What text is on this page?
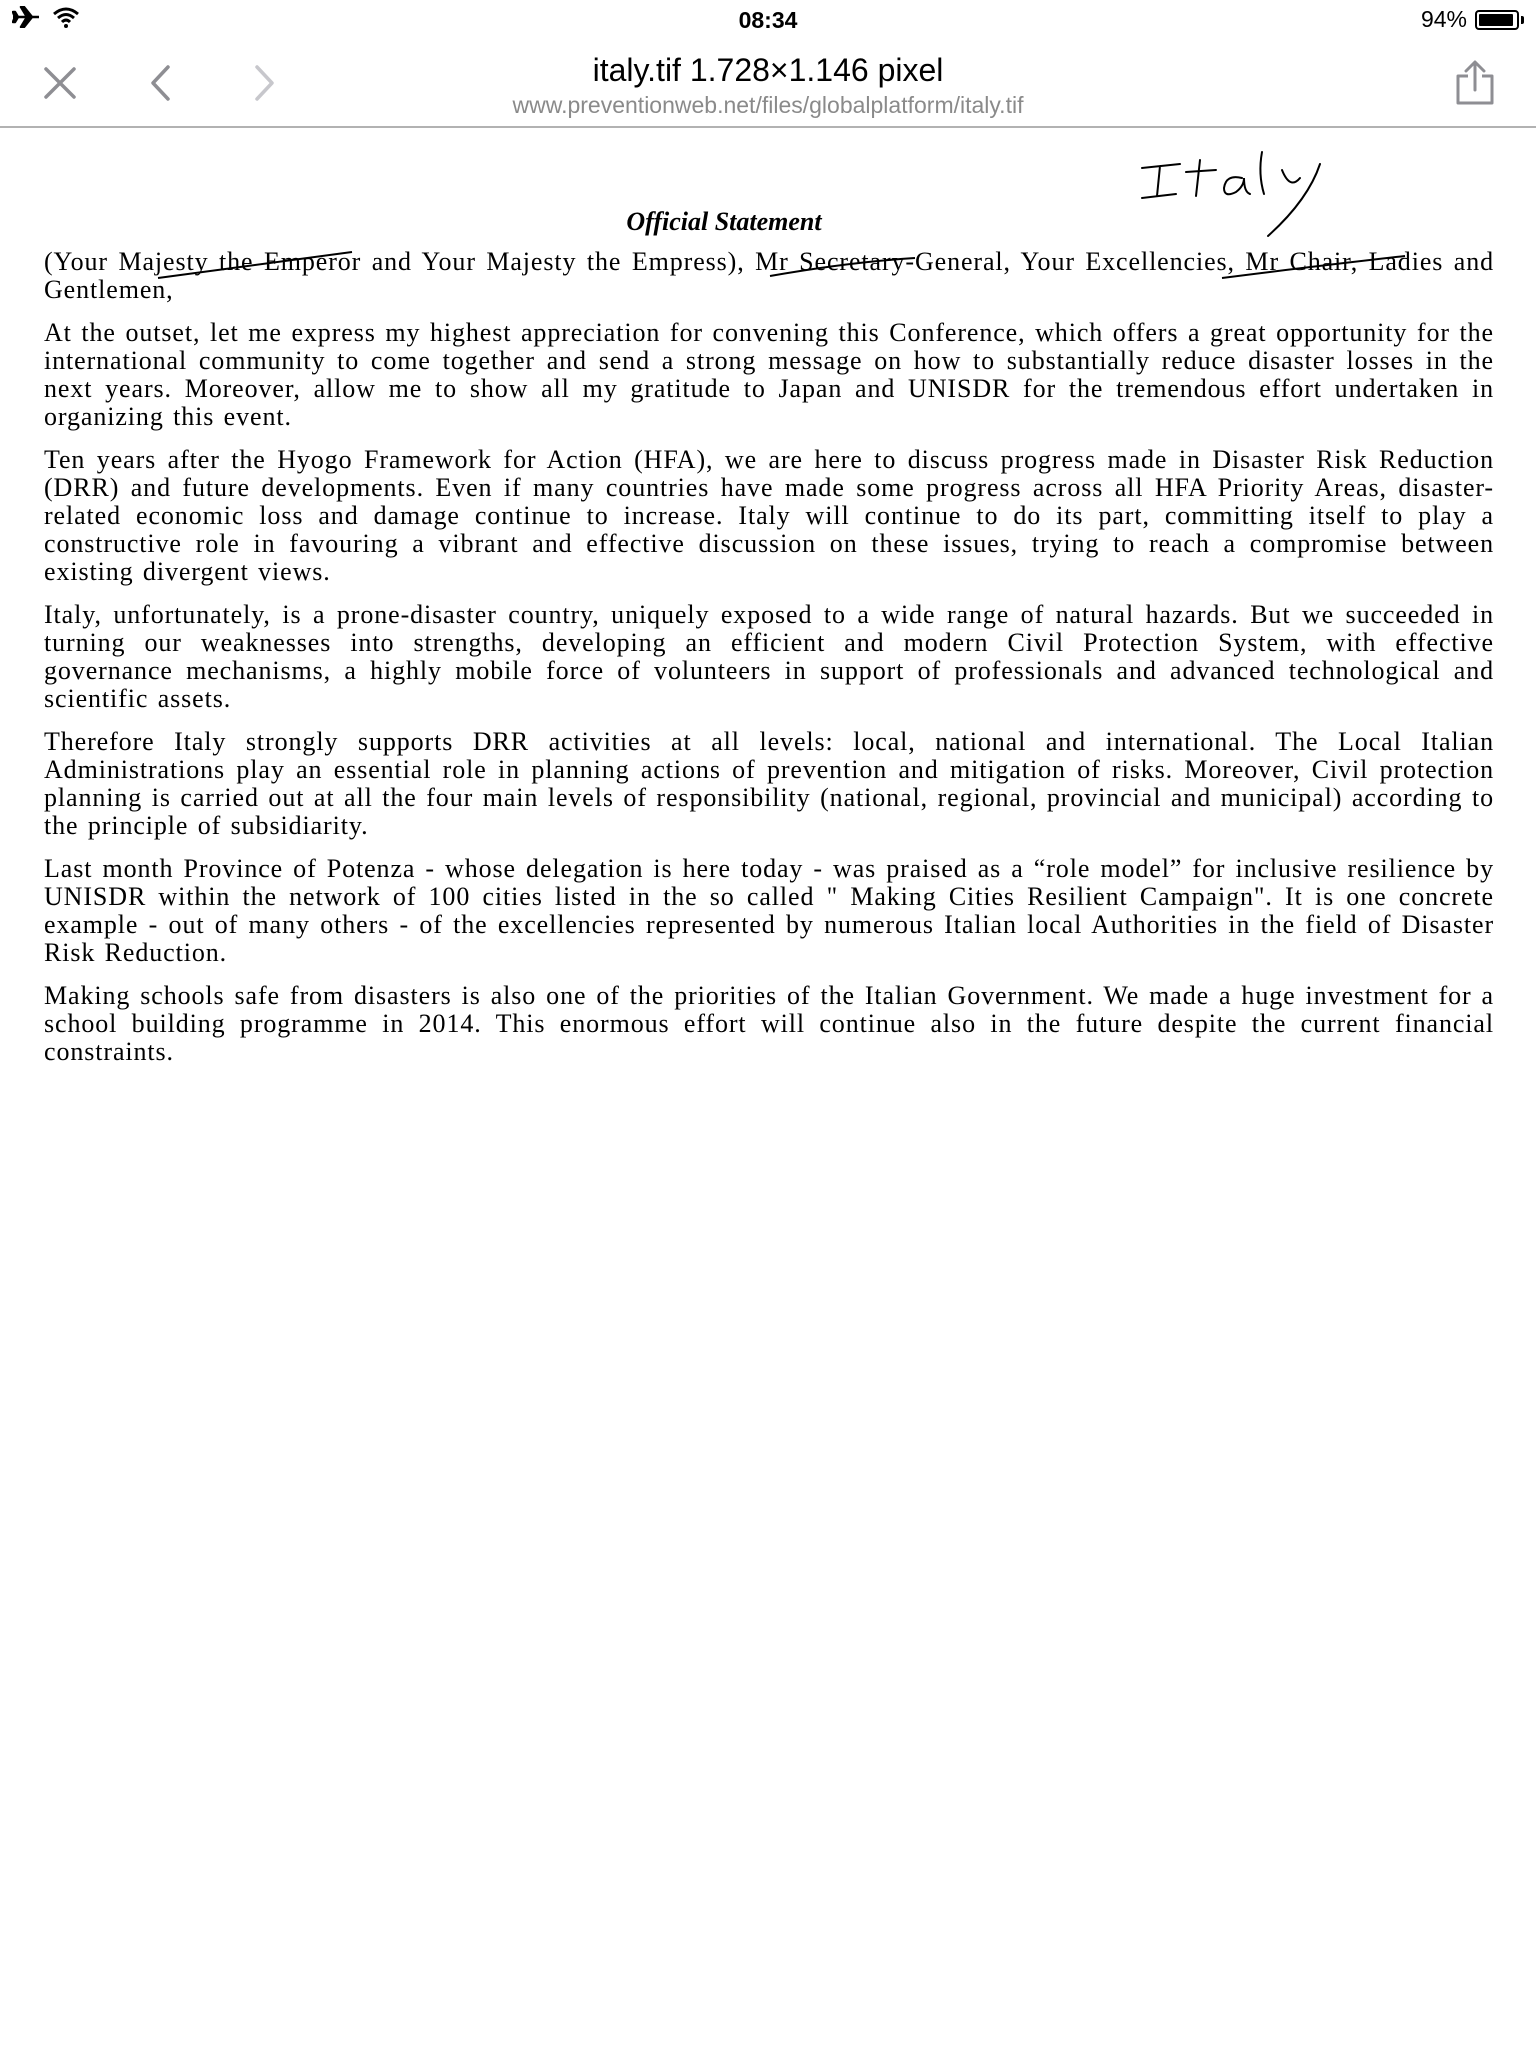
08:34	94%
italy.tif 1.728×1.146 pixel
www.preventionweb.net/files/globalplatform/italy.tif
Official Statement

(Your Majesty the Emperor and Your Majesty the Empress), Mr Secretary-General, Your Excellencies, Mr Chair, Ladies and Gentlemen,

At the outset, let me express my highest appreciation for convening this Conference, which offers a great opportunity for the international community to come together and send a strong message on how to substantially reduce disaster losses in the next years. Moreover, allow me to show all my gratitude to Japan and UNISDR for the tremendous effort undertaken in organizing this event.

Ten years after the Hyogo Framework for Action (HFA), we are here to discuss progress made in Disaster Risk Reduction (DRR) and future developments. Even if many countries have made some progress across all HFA Priority Areas, disaster-related economic loss and damage continue to increase. Italy will continue to do its part, committing itself to play a constructive role in favouring a vibrant and effective discussion on these issues, trying to reach a compromise between existing divergent views.

Italy, unfortunately, is a prone-disaster country, uniquely exposed to a wide range of natural hazards. But we succeeded in turning our weaknesses into strengths, developing an efficient and modern Civil Protection System, with effective governance mechanisms, a highly mobile force of volunteers in support of professionals and advanced technological and scientific assets.

Therefore Italy strongly supports DRR activities at all levels: local, national and international. The Local Italian Administrations play an essential role in planning actions of prevention and mitigation of risks. Moreover, Civil protection planning is carried out at all the four main levels of responsibility (national, regional, provincial and municipal) according to the principle of subsidiarity.

Last month Province of Potenza - whose delegation is here today - was praised as a “role model” for inclusive resilience by UNISDR within the network of 100 cities listed in the so called " Making Cities Resilient Campaign". It is one concrete example - out of many others - of the excellencies represented by numerous Italian local Authorities in the field of Disaster Risk Reduction.

Making schools safe from disasters is also one of the priorities of the Italian Government. We made a huge investment for a school building programme in 2014. This enormous effort will continue also in the future despite the current financial constraints.
